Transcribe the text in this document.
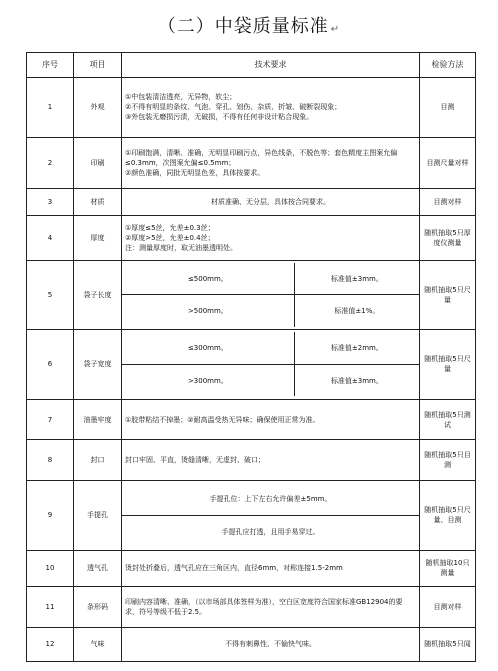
（二）中袋质量标准 ↵
序号	项目	技术要求	检验方法
1	外观	
①中包装清洁透亮，无异物，软尘；
②不得有明显的条纹、气泡、穿孔、划伤、杂质、折皱、破断裂现象；
③外包装无磨损污渍，无破损，不得有任何非设计粘合现象。
	目测
2	印刷	
①印刷饱满，清晰、准确，无明显印刷污点，异色线条，不脱色等；套色精度主图案允偏≤0.3mm，次图案允偏≤0.5mm；
②颜色准确，同批无明显色差，具体按要求。
	目测尺量对样
3	材质	材质准确、无分层，具体按合同要求。	目测对样
4	厚度	
①厚度≤5丝，允差±0.3丝；
②厚度>5丝，允差±0.4丝；
注：测量厚度时，取无油墨透明处。
	随机抽取5只厚度仪测量
5	袋子长度	
≤500mm。	标准值±3mm。
>500mm。	标准值±1%。
	随机抽取5只尺量
6	袋子宽度	
≤300mm。	标准值±2mm。
>300mm。	标准值±3mm。
	随机抽取5只尺量
7	油墨牢度	①胶带粘结不掉墨；②耐高温受热无异味；确保使用正常为准。	随机抽取5只测试
8	封口	封口牢固、平直，烫缝清晰，无虚封、破口；	随机抽取5只目测
9	手提孔	
手提孔位：上下左右允许偏差±5mm。
手提孔应打透，且用手易穿过。
	随机抽取5只尺量、目测
10	透气孔	烫封处折叠后，透气孔应在三角区内，直径6mm，对称连接1.5-2mm	随机抽取10只测量
11	条形码	印刷内容清晰、准确，（以市场部具体签样为准），空白区宽度符合国家标准GB12904的要求，符号等级不低于2.5。	目测对样
12	气味	不得有刺鼻性、不愉快气味。	随机抽取5只闻
